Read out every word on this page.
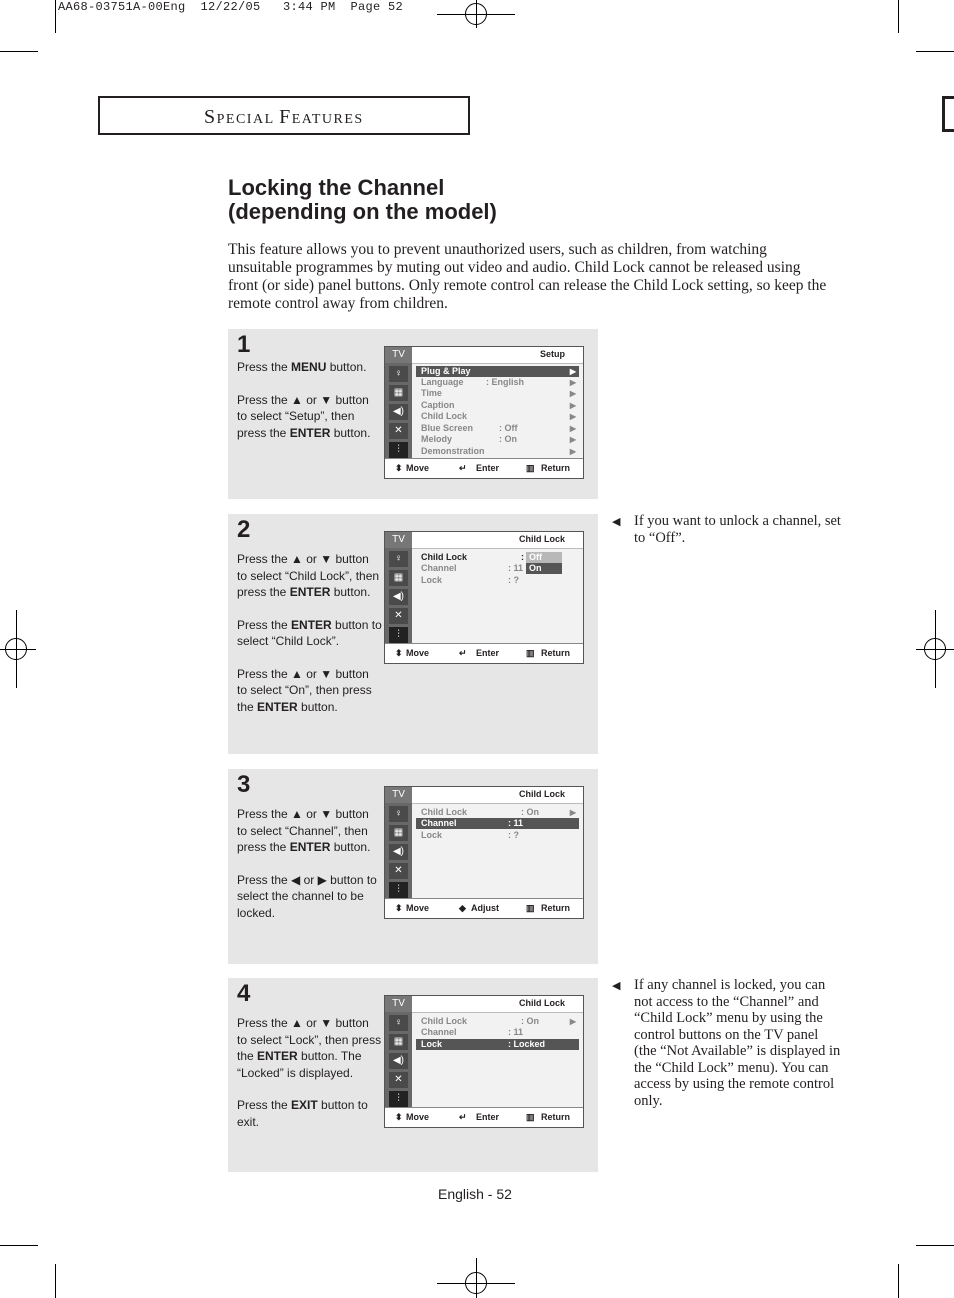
AA68-03751A-00Eng  12/22/05   3:44 PM  Page 52
SPECIAL FEATURES
Locking the Channel
(depending on the model)
This feature allows you to prevent unauthorized users, such as children, from watching unsuitable programmes by muting out video and audio. Child Lock cannot be released using front (or side) panel buttons. Only remote control can release the Child Lock setting, so keep the remote control away from children.
1

Press the MENU button.

Press the ▲ or ▼ button to select “Setup”, then press the ENTER button.

TV
♀
▦
◀)
✕
⫶
Setup
Plug & Play	▶
Language : English	▶
Time	▶
Caption	▶
Child Lock	▶
Blue Screen	: Off	▶
Melody	: On	▶
Demonstration	▶
⬍ Move	↵ Enter	▥ Return
2

Press the ▲ or ▼ button to select “Child Lock”, then press the ENTER button.

Press the ENTER button to select “Child Lock”.

Press the ▲ or ▼ button to select “On”, then press the ENTER button.

TV
♀
▦
◀)
✕
⫶
Child Lock
Child Lock	:
Channel	: 11
Lock	: ?
Off
On
⬍ Move	↵ Enter	▥ Return
3

Press the ▲ or ▼ button to select “Channel”, then press the ENTER button.

Press the ◀ or ▶ button to select the channel to be locked.

TV
♀
▦
◀)
✕
⫶
Child Lock
Child Lock	: On	▶
Channel	: 11
Lock	: ?
⬍ Move	◆ Adjust	▥ Return
4

Press the ▲ or ▼ button to select “Lock”, then press the ENTER button. The “Locked” is displayed.

Press the EXIT button to exit.

TV
♀
▦
◀)
✕
⫶
Child Lock
Child Lock	: On	▶
Channel	: 11
Lock	: Locked
⬍ Move	↵ Enter	▥ Return
◀ If you want to unlock a channel, set to “Off”.
◀ If any channel is locked, you can not access to the “Channel” and “Child Lock” menu by using the control buttons on the TV panel (the “Not Available” is displayed in the “Child Lock” menu). You can access by using the remote control only.
English - 52
